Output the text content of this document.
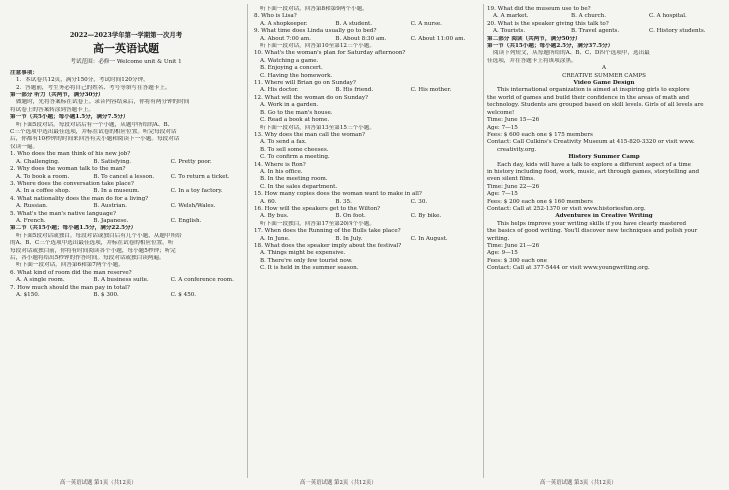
2022—2023学年第一学期第一次月考
高一英语试题
考试范围：必修一 Welcome unit & Unit 1
注意事项：
1．本试卷共12页，满分150分，考试时间120分钟。
2．答题前，考生务必将自己的姓名、考号等填写在答题卡上。
第一部分 听力（共两节，满分30分）
做题时，先将答案标在试卷上。录音内容结束后，你将有两分钟的时间
将试卷上的答案转涂到答题卡上。
第一节（共5小题；每小题1.5分，满分7.5分）
听下面5段对话。每段对话后有一个小题，从题中所给的A、B、
C三个选项中选出最佳选项，并标在试卷的相应位置。听完每段对话
后，你都有10秒钟的时间来回答有关小题和阅读下一小题。每段对话
仅读一遍。
1. Who does the man think of his new job?
A. Challenging.	B. Satisfying.	C. Pretty poor.
2. Why does the woman talk to the man?
A. To book a room.	B. To cancel a lesson.	C. To return a ticket.
3. Where does the conversation take place?
A. In a coffee shop.	B. In a museum.	C. In a toy factory.
4. What nationality does the man do for a living?
A. Russian.	B. Austrian.	C. Welsh/Wales.
5. What's the man's native language?
A. French.	B. Japanese.	C. English.
第二节（共15小题；每小题1.5分，满分22.5分）
听下面5段对话或独白。每段对话或独白后有几个小题，从题中所给
的A、B、C三个选项中选出最佳选项，并标在试卷的相应位置。听
每段对话或独白前，你将有时间阅读各个小题，每小题5秒钟；听完
后，各小题将给出5秒钟的作答时间。每段对话或独白读两遍。
听下面一段对话，回答第6和第7两个小题。
6. What kind of room did the man reserve?
A. A single room.	B. A business suite.	C. A conference room.
7. How much should the man pay in total?
A. $150.	B. $ 300.	C. $ 450.
听下面一段对话，回答第8和第9两个小题。
8. Who is Lisa?
A. A shopkeeper.	B. A student.	C. A nurse.
9. What time does Linda usually go to bed?
A. About 7:00 am.	B. About 8:30 am.	C. About 11:00 am.
听下面一段对话，回答第10至第12三个小题。
10. What's the woman's plan for Saturday afternoon?
A. Watching a game.
B. Enjoying a concert.
C. Having the homework.
11. Where will Brian go on Sunday?
A. His doctor.	B. His friend.	C. His mother.
12. What will the woman do on Sunday?
A. Work in a garden.
B. Go to the man's house.
C. Read a book at home.
听下面一段对话，回答第13至第15三个小题。
13. Why does the man call the woman?
A. To send a fax.
B. To sell some cheeses.
C. To confirm a meeting.
14. Where is Ron?
A. In his office.
B. In the meeting room.
C. In the sales department.
15. How many copies does the woman want to make in all?
A. 60.	B. 35.	C. 30.
16. How will the speakers get to the Wilton?
A. By bus.	B. On foot.	C. By bike.
听下面一段独白，回答第17至第20四个小题。
17. When does the Running of the Bulls take place?
A. In June.	B. In July.	C. In August.
18. What does the speaker imply about the festival?
A. Things might be expensive.
B. There're only few tourist now.
C. It is held in the summer season.
19. What did the museum use to be?
A. A market.	B. A church.	C. A hospital.
20. What is the speaker giving this talk to?
A. Tourists.	B. Travel agents.	C. History students.
第二部分 阅读（共两节，满分50分）
第一节（共15小题；每小题2.5分，满分37.5分）
阅读下列短文，从每题所给的A、B、C、D四个选项中，选出最
佳选项，并在答题卡上将该项涂黑。
A
CREATIVE SUMMER CAMPS
Video Game Design
This international organization is aimed at inspiring girls to explore
the world of games and build their confidence in the areas of math and
technology. Students are grouped based on skill levels. Girls of all levels are
welcome!
Time: June 15—26
Age: 7—15
Fees: $ 600 each one $ 175 members
Contact: Call Culkins's Creativity Museum at 415-820-3320 or visit www.
creativity.org.
History Summer Camp
Each day, kids will have a talk to explore a different aspect of a time
in history including food, work, music, art through games, storytelling and
even silent films.
Time: June 22—26
Age: 7—15
Fees: $ 200 each one $ 160 members
Contact: Call at 252-1370 or visit www.historiesfun.org.
Adventures in Creative Writing
This helps improve your writing skills if you have clearly mastered
the basics of good writing. You'll discover new techniques and polish your
writing.
Time: June 21—26
Age: 9—15
Fees: $ 300 each one
Contact: Call at 377-5444 or visit www.youngwriting.org.
高一英语试题 第1页（共12页）	高一英语试题 第2页（共12页）	高一英语试题 第3页（共12页）
